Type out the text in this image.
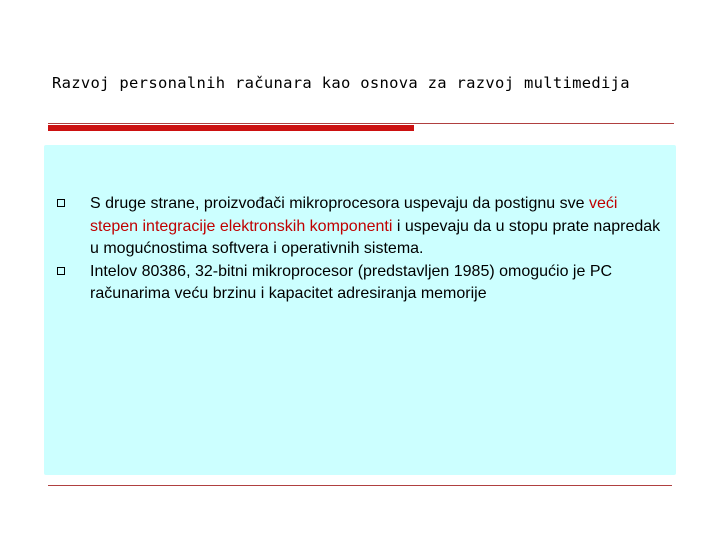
Razvoj personalnih računara kao osnova za razvoj multimedija
S druge strane, proizvođači mikroprocesora uspevaju da postignu sve veći stepen integracije elektronskih komponenti i uspevaju da u stopu prate napredak u mogućnostima softvera i operativnih sistema.
Intelov 80386, 32-bitni mikroprocesor (predstavljen 1985) omogućio je PC računarima veću brzinu i kapacitet adresiranja memorije
